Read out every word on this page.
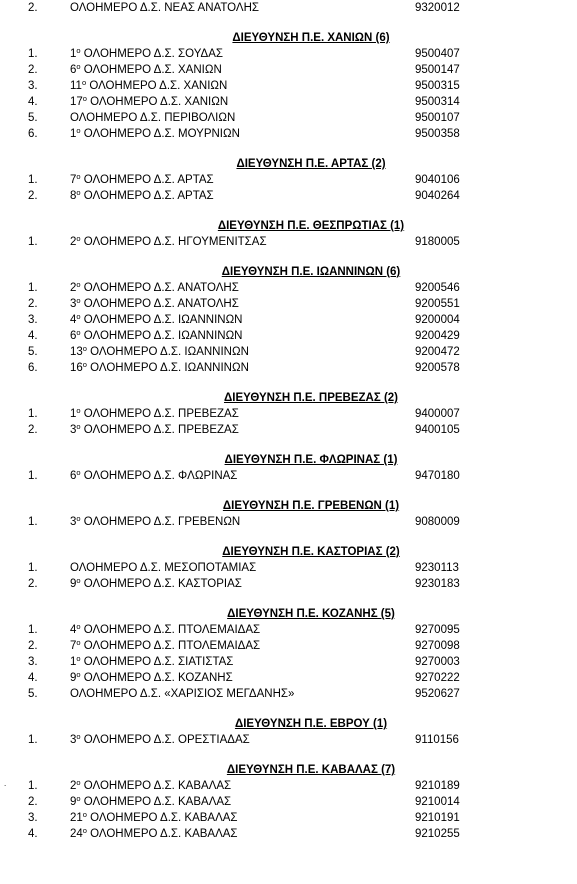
.
2.	ΟΛΟΗΜΕΡΟ Δ.Σ. ΝΕΑΣ ΑΝΑΤΟΛΗΣ	9320012
ΔΙΕΥΘΥΝΣΗ Π.Ε. ΧΑΝΙΩΝ (6)
1.	$1^o$ ΟΛΟΗΜΕΡΟ Δ.Σ. ΣΟΥΔΑΣ	9500407
2.	$6^o$ ΟΛΟΗΜΕΡΟ Δ.Σ. ΧΑΝΙΩΝ	9500147
3.	$11^o$ ΟΛΟΗΜΕΡΟ Δ.Σ. ΧΑΝΙΩΝ	9500315
4.	$17^o$ ΟΛΟΗΜΕΡΟ Δ.Σ. ΧΑΝΙΩΝ	9500314
5.	ΟΛΟΗΜΕΡΟ Δ.Σ. ΠΕΡΙΒΟΛΙΩΝ	9500107
6.	$1^o$ ΟΛΟΗΜΕΡΟ Δ.Σ. ΜΟΥΡΝΙΩΝ	9500358
ΔΙΕΥΘΥΝΣΗ Π.Ε. ΑΡΤΑΣ (2)
1.	$7^o$ ΟΛΟΗΜΕΡΟ Δ.Σ. ΑΡΤΑΣ	9040106
2.	$8^o$ ΟΛΟΗΜΕΡΟ Δ.Σ. ΑΡΤΑΣ	9040264
ΔΙΕΥΘΥΝΣΗ Π.Ε. ΘΕΣΠΡΩΤΙΑΣ (1)
1.	$2^o$ ΟΛΟΗΜΕΡΟ Δ.Σ. ΗΓΟΥΜΕΝΙΤΣΑΣ	9180005
ΔΙΕΥΘΥΝΣΗ Π.Ε. ΙΩΑΝΝΙΝΩΝ (6)
1.	$2^o$ ΟΛΟΗΜΕΡΟ Δ.Σ. ΑΝΑΤΟΛΗΣ	9200546
2.	$3^o$ ΟΛΟΗΜΕΡΟ Δ.Σ. ΑΝΑΤΟΛΗΣ	9200551
3.	$4^o$ ΟΛΟΗΜΕΡΟ Δ.Σ. ΙΩΑΝΝΙΝΩΝ	9200004
4.	$6^o$ ΟΛΟΗΜΕΡΟ Δ.Σ. ΙΩΑΝΝΙΝΩΝ	9200429
5.	$13^o$ ΟΛΟΗΜΕΡΟ Δ.Σ. ΙΩΑΝΝΙΝΩΝ	9200472
6.	$16^o$ ΟΛΟΗΜΕΡΟ Δ.Σ. ΙΩΑΝΝΙΝΩΝ	9200578
ΔΙΕΥΘΥΝΣΗ Π.Ε. ΠΡΕΒΕΖΑΣ (2)
1.	$1^o$ ΟΛΟΗΜΕΡΟ Δ.Σ. ΠΡΕΒΕΖΑΣ	9400007
2.	$3^o$ ΟΛΟΗΜΕΡΟ Δ.Σ. ΠΡΕΒΕΖΑΣ	9400105
ΔΙΕΥΘΥΝΣΗ Π.Ε. ΦΛΩΡΙΝΑΣ (1)
1.	$6^o$ ΟΛΟΗΜΕΡΟ Δ.Σ. ΦΛΩΡΙΝΑΣ	9470180
ΔΙΕΥΘΥΝΣΗ Π.Ε. ΓΡΕΒΕΝΩΝ (1)
1.	$3^o$ ΟΛΟΗΜΕΡΟ Δ.Σ. ΓΡΕΒΕΝΩΝ	9080009
ΔΙΕΥΘΥΝΣΗ Π.Ε. ΚΑΣΤΟΡΙΑΣ (2)
1.	ΟΛΟΗΜΕΡΟ Δ.Σ. ΜΕΣΟΠΟΤΑΜΙΑΣ	9230113
2.	$9^o$ ΟΛΟΗΜΕΡΟ Δ.Σ. ΚΑΣΤΟΡΙΑΣ	9230183
ΔΙΕΥΘΥΝΣΗ Π.Ε. ΚΟΖΑΝΗΣ (5)
1.	$4^o$ ΟΛΟΗΜΕΡΟ Δ.Σ. ΠΤΟΛΕΜΑΙΔΑΣ	9270095
2.	$7^o$ ΟΛΟΗΜΕΡΟ Δ.Σ. ΠΤΟΛΕΜΑΙΔΑΣ	9270098
3.	$1^o$ ΟΛΟΗΜΕΡΟ Δ.Σ. ΣΙΑΤΙΣΤΑΣ	9270003
4.	$9^o$ ΟΛΟΗΜΕΡΟ Δ.Σ. ΚΟΖΑΝΗΣ	9270222
5.	ΟΛΟΗΜΕΡΟ Δ.Σ. «ΧΑΡΙΣΙΟΣ ΜΕΓΔΑΝΗΣ»	9520627
ΔΙΕΥΘΥΝΣΗ Π.Ε. ΕΒΡΟΥ (1)
1.	$3^o$ ΟΛΟΗΜΕΡΟ Δ.Σ. ΟΡΕΣΤΙΑΔΑΣ	9110156
ΔΙΕΥΘΥΝΣΗ Π.Ε. ΚΑΒΑΛΑΣ (7)
1.	$2^o$ ΟΛΟΗΜΕΡΟ Δ.Σ. ΚΑΒΑΛΑΣ	9210189
2.	$9^o$ ΟΛΟΗΜΕΡΟ Δ.Σ. ΚΑΒΑΛΑΣ	9210014
3.	$21^o$ ΟΛΟΗΜΕΡΟ Δ.Σ. ΚΑΒΑΛΑΣ	9210191
4.	$24^o$ ΟΛΟΗΜΕΡΟ Δ.Σ. ΚΑΒΑΛΑΣ	9210255
